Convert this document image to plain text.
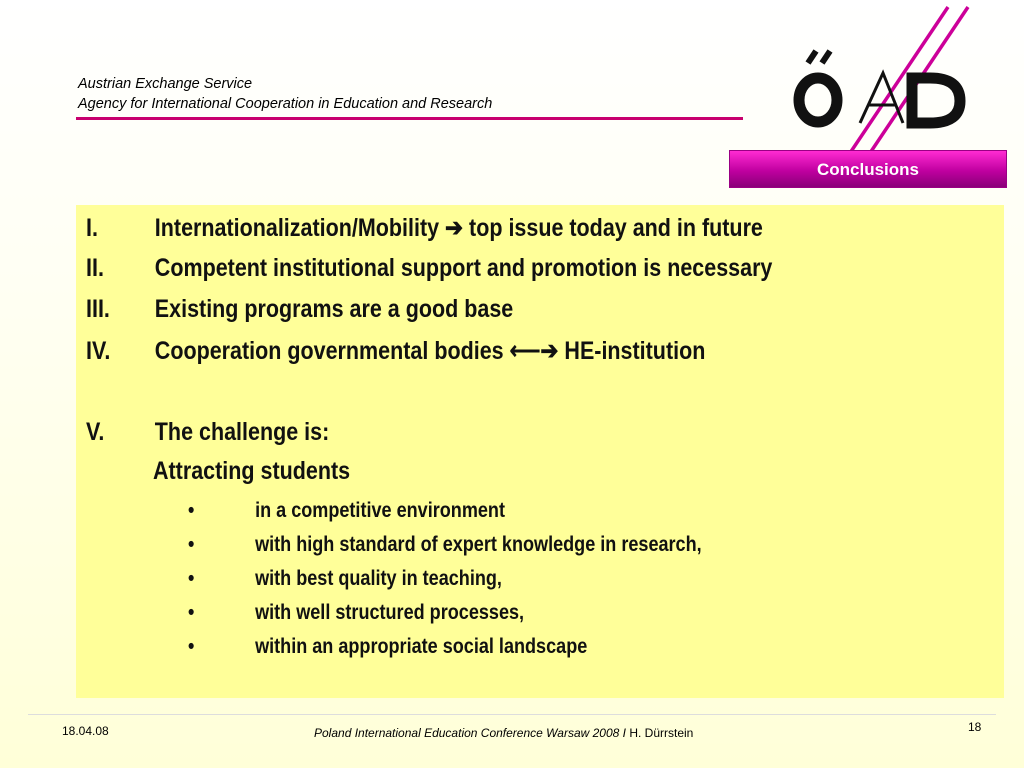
Austrian Exchange Service
Agency for International Cooperation in Education and Research
Conclusions
I. Internationalization/Mobility ➔ top issue today and in future
II. Competent institutional support and promotion is necessary
III. Existing programs are a good base
IV. Cooperation governmental bodies ⟵➔ HE-institution
V. The challenge is:
Attracting students
•	in a competitive environment
•	with high standard of expert knowledge in research,
•	with best quality in teaching,
•	with well structured processes,
•	within an appropriate social landscape
18.04.08	Poland International Education Conference Warsaw 2008 I H. Dürrstein	18
